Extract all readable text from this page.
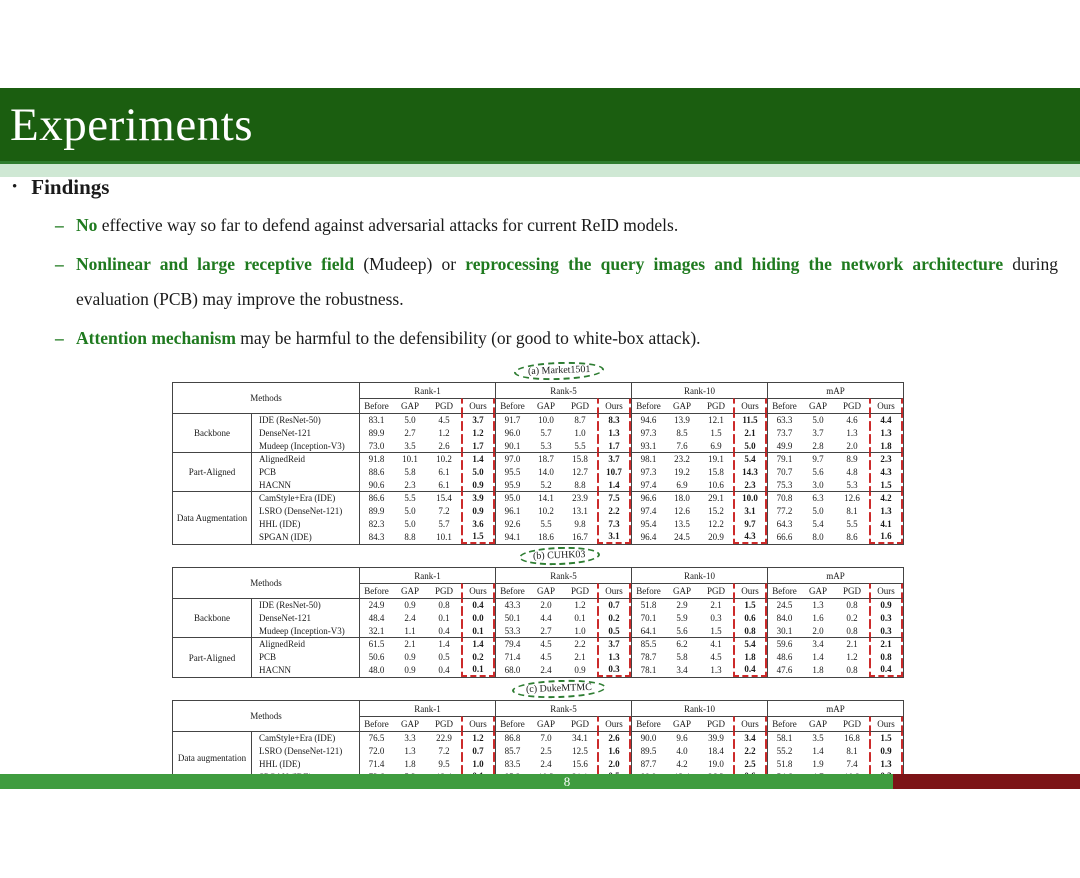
Experiments
• Findings
– No effective way so far to defend against adversarial attacks for current ReID models.
– Nonlinear and large receptive field (Mudeep) or reprocessing the query images and hiding the network architecture during evaluation (PCB) may improve the robustness.
– Attention mechanism may be harmful to the defensibility (or good to white-box attack).
(a) Market1501
Methods		Rank-1				Rank-5				Rank-10				mAP			
		Before	GAP	PGD	Ours	Before	GAP	PGD	Ours	Before	GAP	PGD	Ours	Before	GAP	PGD	Ours
Backbone	IDE (ResNet-50)	83.1	5.0	4.5	3.7	91.7	10.0	8.7	8.3	94.6	13.9	12.1	11.5	63.3	5.0	4.6	4.4
	DenseNet-121	89.9	2.7	1.2	1.2	96.0	5.7	1.0	1.3	97.3	8.5	1.5	2.1	73.7	3.7	1.3	1.3
	Mudeep (Inception-V3)	73.0	3.5	2.6	1.7	90.1	5.3	5.5	1.7	93.1	7.6	6.9	5.0	49.9	2.8	2.0	1.8
Part-Aligned	AlignedReid	91.8	10.1	10.2	1.4	97.0	18.7	15.8	3.7	98.1	23.2	19.1	5.4	79.1	9.7	8.9	2.3
	PCB	88.6	5.8	6.1	5.0	95.5	14.0	12.7	10.7	97.3	19.2	15.8	14.3	70.7	5.6	4.8	4.3
	HACNN	90.6	2.3	6.1	0.9	95.9	5.2	8.8	1.4	97.4	6.9	10.6	2.3	75.3	3.0	5.3	1.5
Data Augmentation	CamStyle+Era (IDE)	86.6	5.5	15.4	3.9	95.0	14.1	23.9	7.5	96.6	18.0	29.1	10.0	70.8	6.3	12.6	4.2
	LSRO (DenseNet-121)	89.9	5.0	7.2	0.9	96.1	10.2	13.1	2.2	97.4	12.6	15.2	3.1	77.2	5.0	8.1	1.3
	HHL (IDE)	82.3	5.0	5.7	3.6	92.6	5.5	9.8	7.3	95.4	13.5	12.2	9.7	64.3	5.4	5.5	4.1
	SPGAN (IDE)	84.3	8.8	10.1	1.5	94.1	18.6	16.7	3.1	96.4	24.5	20.9	4.3	66.6	8.0	8.6	1.6
(b) CUHK03
Methods		Rank-1				Rank-5				Rank-10				mAP			
		Before	GAP	PGD	Ours	Before	GAP	PGD	Ours	Before	GAP	PGD	Ours	Before	GAP	PGD	Ours
Backbone	IDE (ResNet-50)	24.9	0.9	0.8	0.4	43.3	2.0	1.2	0.7	51.8	2.9	2.1	1.5	24.5	1.3	0.8	0.9
	DenseNet-121	48.4	2.4	0.1	0.0	50.1	4.4	0.1	0.2	70.1	5.9	0.3	0.6	84.0	1.6	0.2	0.3
	Mudeep (Inception-V3)	32.1	1.1	0.4	0.1	53.3	2.7	1.0	0.5	64.1	5.6	1.5	0.8	30.1	2.0	0.8	0.3
Part-Aligned	AlignedReid	61.5	2.1	1.4	1.4	79.4	4.5	2.2	3.7	85.5	6.2	4.1	5.4	59.6	3.4	2.1	2.1
	PCB	50.6	0.9	0.5	0.2	71.4	4.5	2.1	1.3	78.7	5.8	4.5	1.8	48.6	1.4	1.2	0.8
	HACNN	48.0	0.9	0.4	0.1	68.0	2.4	0.9	0.3	78.1	3.4	1.3	0.4	47.6	1.8	0.8	0.4
(c) DukeMTMC
Methods		Rank-1				Rank-5				Rank-10				mAP			
		Before	GAP	PGD	Ours	Before	GAP	PGD	Ours	Before	GAP	PGD	Ours	Before	GAP	PGD	Ours
Data augmentation	CamStyle+Era (IDE)	76.5	3.3	22.9	1.2	86.8	7.0	34.1	2.6	90.0	9.6	39.9	3.4	58.1	3.5	16.8	1.5
	LSRO (DenseNet-121)	72.0	1.3	7.2	0.7	85.7	2.5	12.5	1.6	89.5	4.0	18.4	2.2	55.2	1.4	8.1	0.9
	HHL (IDE)	71.4	1.8	9.5	1.0	83.5	2.4	15.6	2.0	87.7	4.2	19.0	2.5	51.8	1.9	7.4	1.3

8
